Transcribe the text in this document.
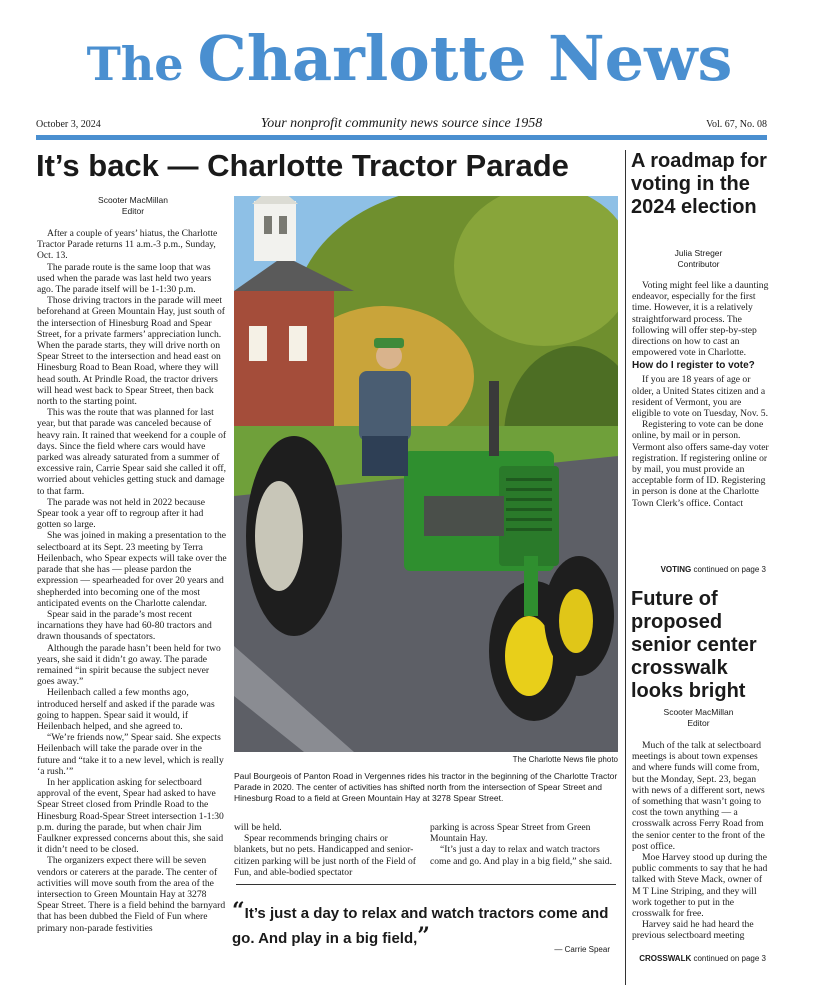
The Charlotte News
October 3, 2024	Your nonprofit community news source since 1958	Vol. 67, No. 08
It’s back — Charlotte Tractor Parade
Scooter MacMillan
Editor

After a couple of years’ hiatus, the Charlotte Tractor Parade returns 11 a.m.-3 p.m., Sunday, Oct. 13.

The parade route is the same loop that was used when the parade was last held two years ago. The parade itself will be 1-1:30 p.m.

Those driving tractors in the parade will meet beforehand at Green Mountain Hay, just south of the intersection of Hinesburg Road and Spear Street, for a private farmers’ appreciation lunch. When the parade starts, they will drive north on Spear Street to the intersection and head east on Hinesburg Road to Bean Road, where they will head south. At Prindle Road, the tractor drivers will head west back to Spear Street, then back north to the starting point.

This was the route that was planned for last year, but that parade was canceled because of heavy rain. It rained that weekend for a couple of days. Since the field where cars would have parked was already saturated from a summer of excessive rain, Carrie Spear said she called it off, worried about vehicles getting stuck and damage to that farm.

The parade was not held in 2022 because Spear took a year off to regroup after it had gotten so large.

She was joined in making a presentation to the selectboard at its Sept. 23 meeting by Terra Heilenbach, who Spear expects will take over the parade that she has — please pardon the expression — spearheaded for over 20 years and shepherded into becoming one of the most anticipated events on the Charlotte calendar.

Spear said in the parade’s most recent incarnations they have had 60-80 tractors and drawn thousands of spectators.

Although the parade hasn’t been held for two years, she said it didn’t go away. The parade remained “in spirit because the subject never goes away.”

Heilenbach called a few months ago, introduced herself and asked if the parade was going to happen. Spear said it would, if Heilenbach helped, and she agreed to.

“We’re friends now,” Spear said. She expects Heilenbach will take the parade over in the future and “take it to a new level, which is really ‘a rush.’”

In her application asking for selectboard approval of the event, Spear had asked to have Spear Street closed from Prindle Road to the Hinesburg Road-Spear Street intersection 1-1:30 p.m. during the parade, but when chair Jim Faulkner expressed concerns about this, she said it didn’t need to be closed.

The organizers expect there will be seven vendors or caterers at the parade. The center of activities will move south from the area of the intersection to Green Mountain Hay at 3278 Spear Street. There is a field behind the barnyard that has been dubbed the Field of Fun where primary non-parade festivities

The Charlotte News file photo
Paul Bourgeois of Panton Road in Vergennes rides his tractor in the beginning of the Charlotte Tractor Parade in 2020. The center of activities has shifted north from the intersection of Spear Street and Hinesburg Road to a field at Green Mountain Hay at 3278 Spear Street.

will be held.

Spear recommends bringing chairs or blankets, but no pets. Handicapped and senior-citizen parking will be just north of the Field of Fun, and able-bodied spectator

parking is across Spear Street from Green Mountain Hay.

“It’s just a day to relax and watch tractors come and go. And play in a big field,” she said.

“It’s just a day to relax and watch tractors come and go. And play in a big field,”
— Carrie Spear
A roadmap for voting in the 2024 election
Julia Streger
Contributor

Voting might feel like a daunting endeavor, especially for the first time. However, it is a relatively straightforward process. The following will offer step-by-step directions on how to cast an empowered vote in Charlotte.

How do I register to vote?

If you are 18 years of age or older, a United States citizen and a resident of Vermont, you are eligible to vote on Tuesday, Nov. 5.

Registering to vote can be done online, by mail or in person. Vermont also offers same-day voter registration. If registering online or by mail, you must provide an acceptable form of ID. Registering in person is done at the Charlotte Town Clerk’s office. Contact

VOTING continued on page 3
Future of proposed senior center crosswalk looks bright
Scooter MacMillan
Editor

Much of the talk at selectboard meetings is about town expenses and where funds will come from, but the Monday, Sept. 23, began with news of a different sort, news of something that wasn’t going to cost the town anything — a crosswalk across Ferry Road from the senior center to the front of the post office.

Moe Harvey stood up during the public comments to say that he had talked with Steve Mack, owner of M T Line Striping, and they will work together to put in the crosswalk for free.

Harvey said he had heard the previous selectboard meeting

CROSSWALK continued on page 3
